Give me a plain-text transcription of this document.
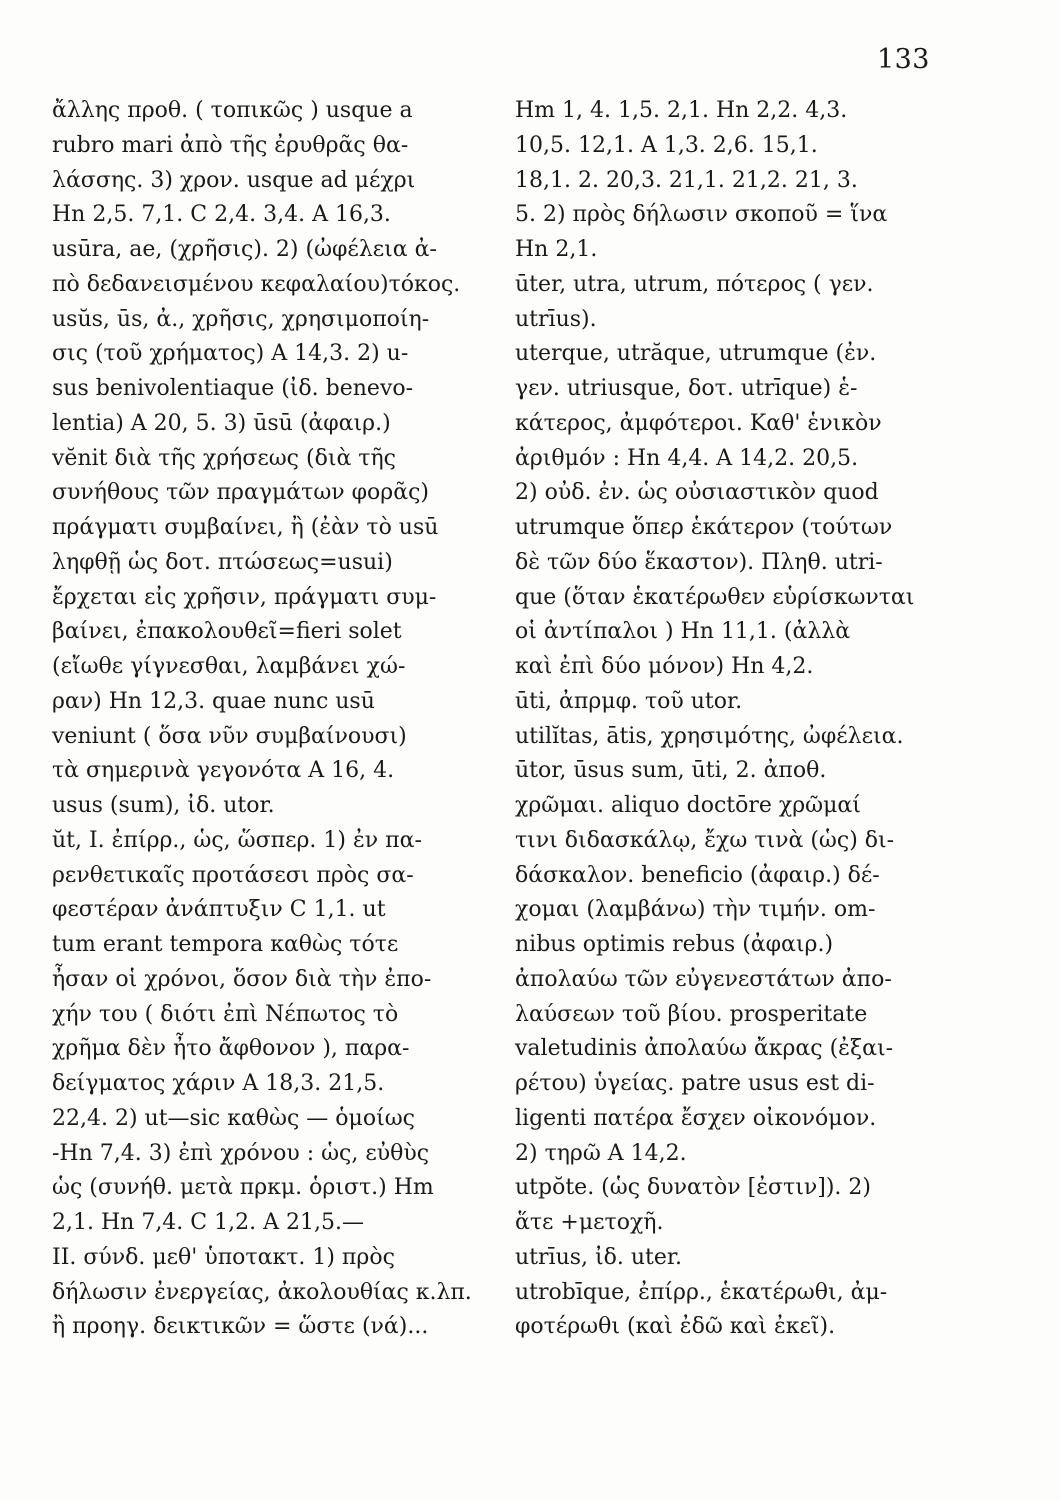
133
ἄλλης προθ. ( τοπικῶς ) usque a
rubro mari ἀπὸ τῆς ἐρυθρᾶς θα-
λάσσης. 3) χρον. usque ad μέχρι
Hn 2,5. 7,1. C 2,4. 3,4. A 16,3.
usūra, ae, (χρῆσις). 2) (ὠφέλεια ἀ-
πὸ δεδανεισμένου κεφαλαίου)τόκος.
usŭs, ūs, ἀ., χρῆσις, χρησιμοποίη-
σις (τοῦ χρήματος) A 14,3. 2) u-
sus benivolentiaque (ἰδ. benevo-
lentia) A 20, 5. 3) ūsū (ἀφαιρ.)
vĕnit διὰ τῆς χρήσεως (διὰ τῆς
συνήθους τῶν πραγμάτων φορᾶς)
πράγματι συμβαίνει, ἢ (ἐὰν τὸ usū
ληφθῇ ὡς δοτ. πτώσεως=usui)
ἔρχεται εἰς χρῆσιν, πράγματι συμ-
βαίνει, ἐπακολουθεῖ=fieri solet
(εἴωθε γίγνεσθαι, λαμβάνει χώ-
ραν) Hn 12,3. quae nunc usū
veniunt ( ὅσα νῦν συμβαίνουσι)
τὰ σημερινὰ γεγονότα A 16, 4.
usus (sum), ἰδ. utor.
ŭt, I. ἐπίρρ., ὡς, ὥσπερ. 1) ἐν πα-
ρενθετικαῖς προτάσεσι πρὸς σα-
φεστέραν ἀνάπτυξιν C 1,1. ut
tum erant tempora καθὼς τότε
ἦσαν οἱ χρόνοι, ὅσον διὰ τὴν ἐπο-
χήν του ( διότι ἐπὶ Νέπωτος τὸ
χρῆμα δὲν ἦτο ἄφθονον ), παρα-
δείγματος χάριν A 18,3. 21,5.
22,4. 2) ut—sic καθὼς — ὁμοίως
-Hn 7,4. 3) ἐπὶ χρόνου : ὡς, εὐθὺς
ὡς (συνήθ. μετὰ πρκμ. ὁριστ.) Hm
2,1. Hn 7,4. C 1,2. A 21,5.—
II. σύνδ. μεθ' ὑποτακτ. 1) πρὸς
δήλωσιν ἐνεργείας, ἀκολουθίας κ.λπ.
ἢ προηγ. δεικτικῶν = ὥστε (νά)...
Hm 1, 4. 1,5. 2,1. Hn 2,2. 4,3.
10,5. 12,1. A 1,3. 2,6. 15,1.
18,1. 2. 20,3. 21,1. 21,2. 21, 3.
5. 2) πρὸς δήλωσιν σκοποῦ = ἵνα
Hn 2,1.
ūter, utra, utrum, πότερος ( γεν.
utrīus).
uterque, utrăque, utrumque (ἐν.
γεν. utriusque, δοτ. utrīque) ἑ-
κάτερος, ἀμφότεροι. Καθ' ἑνικὸν
ἀριθμόν : Hn 4,4. A 14,2. 20,5.
2) οὐδ. ἐν. ὡς οὐσιαστικὸν quod
utrumque ὅπερ ἑκάτερον (τούτων
δὲ τῶν δύο ἕκαστον). Πληθ. utri-
que (ὅταν ἑκατέρωθεν εὑρίσκωνται
οἱ ἀντίπαλοι ) Hn 11,1. (ἀλλὰ
καὶ ἐπὶ δύο μόνον) Hn 4,2.
ūti, ἀπρμφ. τοῦ utor.
utilĭtas, ātis, χρησιμότης, ὠφέλεια.
ūtor, ūsus sum, ūti, 2. ἀποθ.
χρῶμαι. aliquo doctōre χρῶμαί
τινι διδασκάλῳ, ἔχω τινὰ (ὡς) δι-
δάσκαλον. beneficio (ἀφαιρ.) δέ-
χομαι (λαμβάνω) τὴν τιμήν. om-
nibus optimis rebus (ἀφαιρ.)
ἀπολαύω τῶν εὐγενεστάτων ἀπο-
λαύσεων τοῦ βίου. prosperitate
valetudinis ἀπολαύω ἄκρας (ἐξαι-
ρέτου) ὑγείας. patre usus est di-
ligenti πατέρα ἔσχεν οἰκονόμον.
2) τηρῶ A 14,2.
utpŏte. (ὡς δυνατὸν [ἐστιν]). 2)
ἅτε +μετοχῆ.
utrīus, ἰδ. uter.
utrobīque, ἐπίρρ., ἑκατέρωθι, ἀμ-
φοτέρωθι (καὶ ἐδῶ καὶ ἐκεῖ).
